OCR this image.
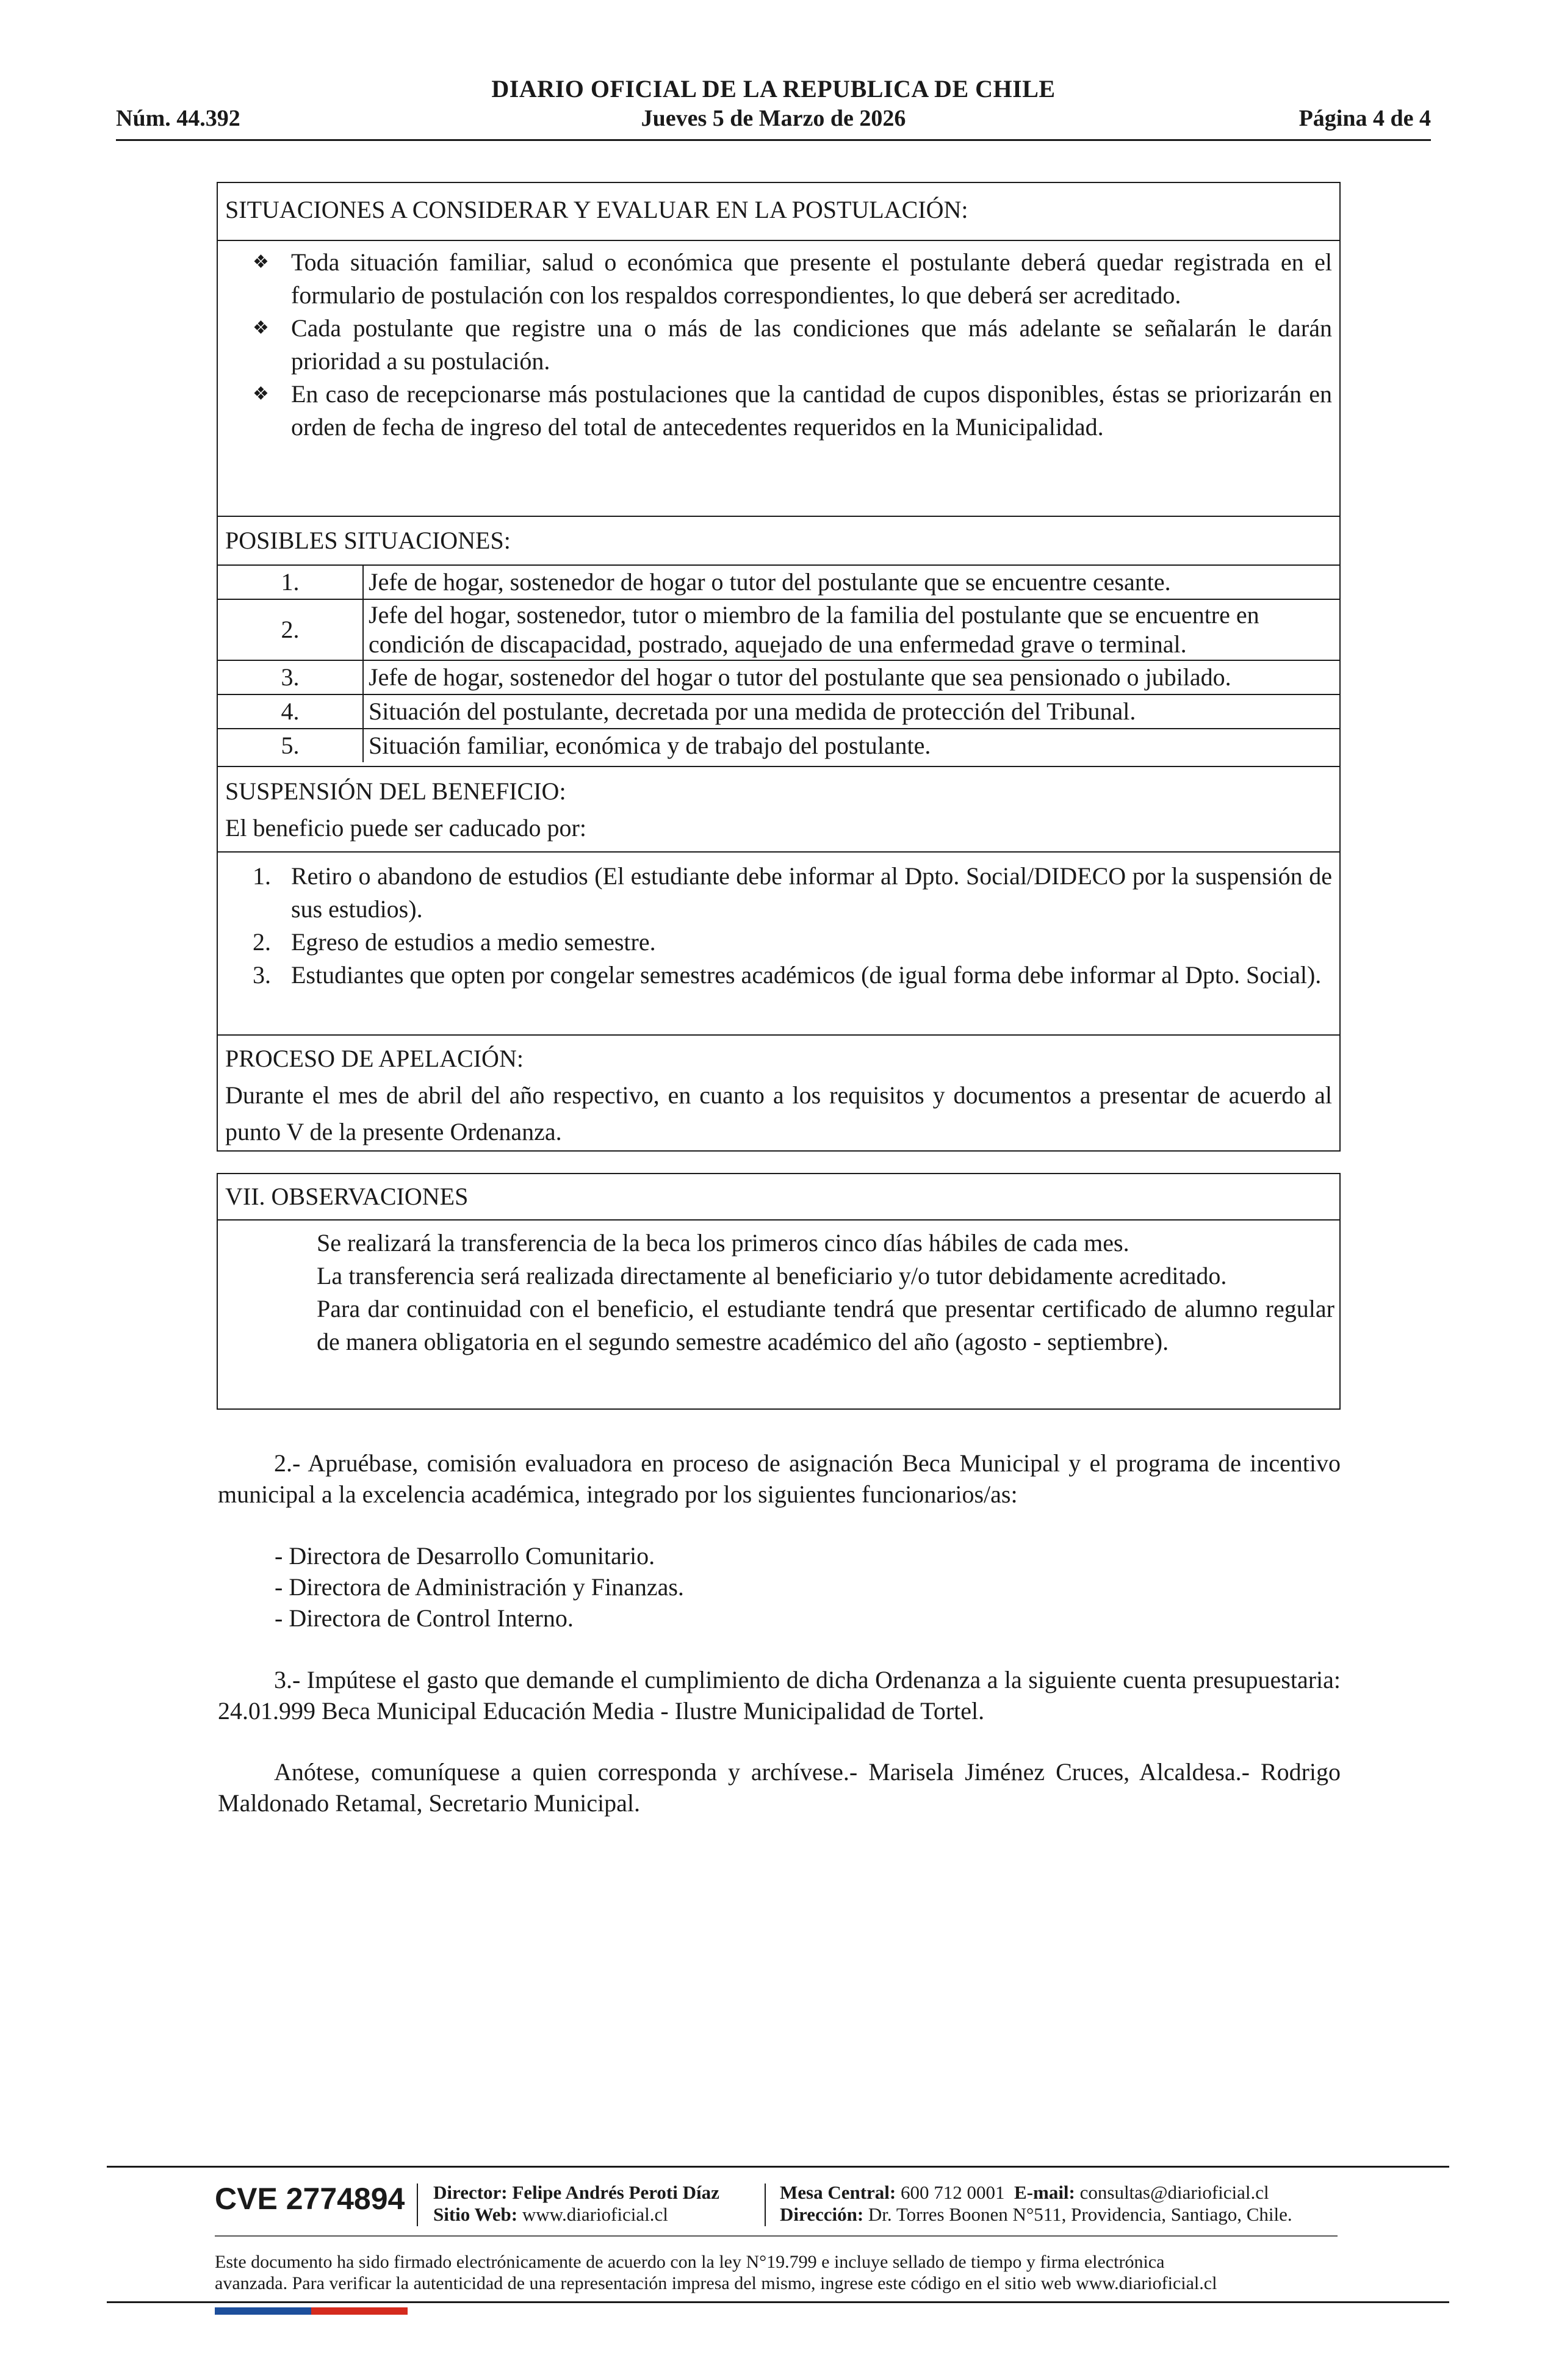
DIARIO OFICIAL DE LA REPUBLICA DE CHILE
Núm. 44.392	Jueves 5 de Marzo de 2026	Página 4 de 4
SITUACIONES A CONSIDERAR Y EVALUAR EN LA POSTULACIÓN:
❖ Toda situación familiar, salud o económica que presente el postulante deberá quedar registrada en el formulario de postulación con los respaldos correspondientes, lo que deberá ser acreditado.
❖ Cada postulante que registre una o más de las condiciones que más adelante se señalarán le darán prioridad a su postulación.
❖ En caso de recepcionarse más postulaciones que la cantidad de cupos disponibles, éstas se priorizarán en orden de fecha de ingreso del total de antecedentes requeridos en la Municipalidad.
POSIBLES SITUACIONES:
1.	Jefe de hogar, sostenedor de hogar o tutor del postulante que se encuentre cesante.
2.	Jefe del hogar, sostenedor, tutor o miembro de la familia del postulante que se encuentre en condición de discapacidad, postrado, aquejado de una enfermedad grave o terminal.
3.	Jefe de hogar, sostenedor del hogar o tutor del postulante que sea pensionado o jubilado.
4.	Situación del postulante, decretada por una medida de protección del Tribunal.
5.	Situación familiar, económica y de trabajo del postulante.
SUSPENSIÓN DEL BENEFICIO:
El beneficio puede ser caducado por:
1. Retiro o abandono de estudios (El estudiante debe informar al Dpto. Social/DIDECO por la suspensión de sus estudios).
2. Egreso de estudios a medio semestre.
3. Estudiantes que opten por congelar semestres académicos (de igual forma debe informar al Dpto. Social).
PROCESO DE APELACIÓN:
Durante el mes de abril del año respectivo, en cuanto a los requisitos y documentos a presentar de acuerdo al punto V de la presente Ordenanza.
VII. OBSERVACIONES
Se realizará la transferencia de la beca los primeros cinco días hábiles de cada mes.
La transferencia será realizada directamente al beneficiario y/o tutor debidamente acreditado.
Para dar continuidad con el beneficio, el estudiante tendrá que presentar certificado de alumno regular de manera obligatoria en el segundo semestre académico del año (agosto - septiembre).
2.- Apruébase, comisión evaluadora en proceso de asignación Beca Municipal y el programa de incentivo municipal a la excelencia académica, integrado por los siguientes funcionarios/as:
- Directora de Desarrollo Comunitario.
- Directora de Administración y Finanzas.
- Directora de Control Interno.
3.- Impútese el gasto que demande el cumplimiento de dicha Ordenanza a la siguiente cuenta presupuestaria: 24.01.999 Beca Municipal Educación Media - Ilustre Municipalidad de Tortel.
Anótese, comuníquese a quien corresponda y archívese.- Marisela Jiménez Cruces, Alcaldesa.- Rodrigo Maldonado Retamal, Secretario Municipal.
CVE 2774894 Director: Felipe Andrés Peroti Díaz
Sitio Web: www.diarioficial.cl
Mesa Central: 600 712 0001 E-mail: consultas@diarioficial.cl
Dirección: Dr. Torres Boonen N°511, Providencia, Santiago, Chile.
Este documento ha sido firmado electrónicamente de acuerdo con la ley N°19.799 e incluye sellado de tiempo y firma electrónica
avanzada. Para verificar la autenticidad de una representación impresa del mismo, ingrese este código en el sitio web www.diarioficial.cl
